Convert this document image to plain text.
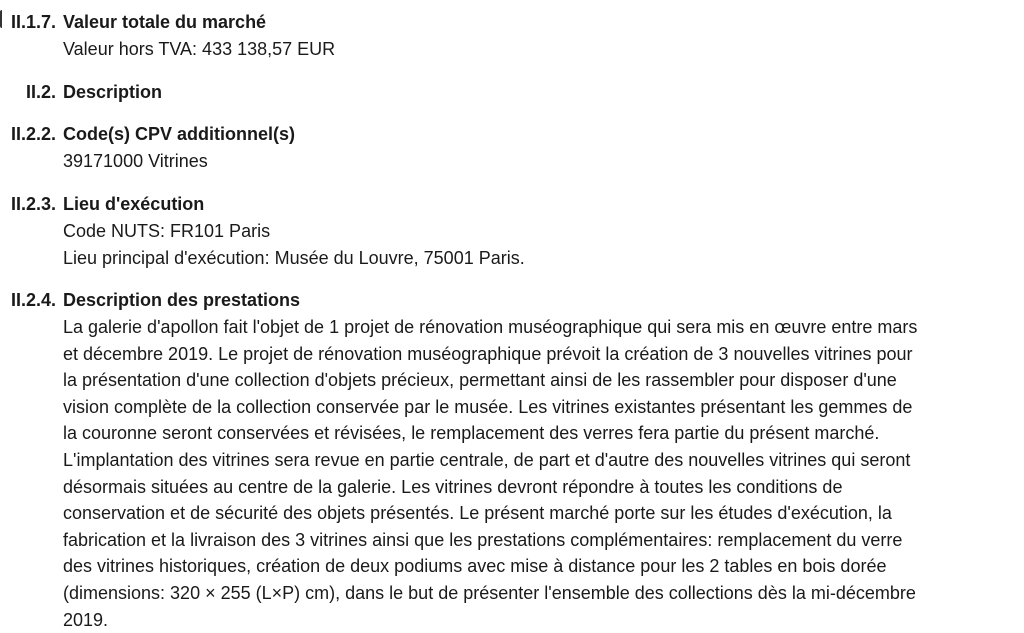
II.1.7. Valeur totale du marché
Valeur hors TVA: 433 138,57 EUR
II.2. Description
II.2.2. Code(s) CPV additionnel(s)
39171000 Vitrines
II.2.3. Lieu d'exécution
Code NUTS: FR101 Paris
Lieu principal d'exécution: Musée du Louvre, 75001 Paris.
II.2.4. Description des prestations
La galerie d'apollon fait l'objet de 1 projet de rénovation muséographique qui sera mis en œuvre entre mars
et décembre 2019. Le projet de rénovation muséographique prévoit la création de 3 nouvelles vitrines pour
la présentation d'une collection d'objets précieux, permettant ainsi de les rassembler pour disposer d'une
vision complète de la collection conservée par le musée. Les vitrines existantes présentant les gemmes de
la couronne seront conservées et révisées, le remplacement des verres fera partie du présent marché.
L'implantation des vitrines sera revue en partie centrale, de part et d'autre des nouvelles vitrines qui seront
désormais situées au centre de la galerie. Les vitrines devront répondre à toutes les conditions de
conservation et de sécurité des objets présentés. Le présent marché porte sur les études d'exécution, la
fabrication et la livraison des 3 vitrines ainsi que les prestations complémentaires: remplacement du verre
des vitrines historiques, création de deux podiums avec mise à distance pour les 2 tables en bois dorée
(dimensions: 320 × 255 (L×P) cm), dans le but de présenter l'ensemble des collections dès la mi-décembre
2019.
